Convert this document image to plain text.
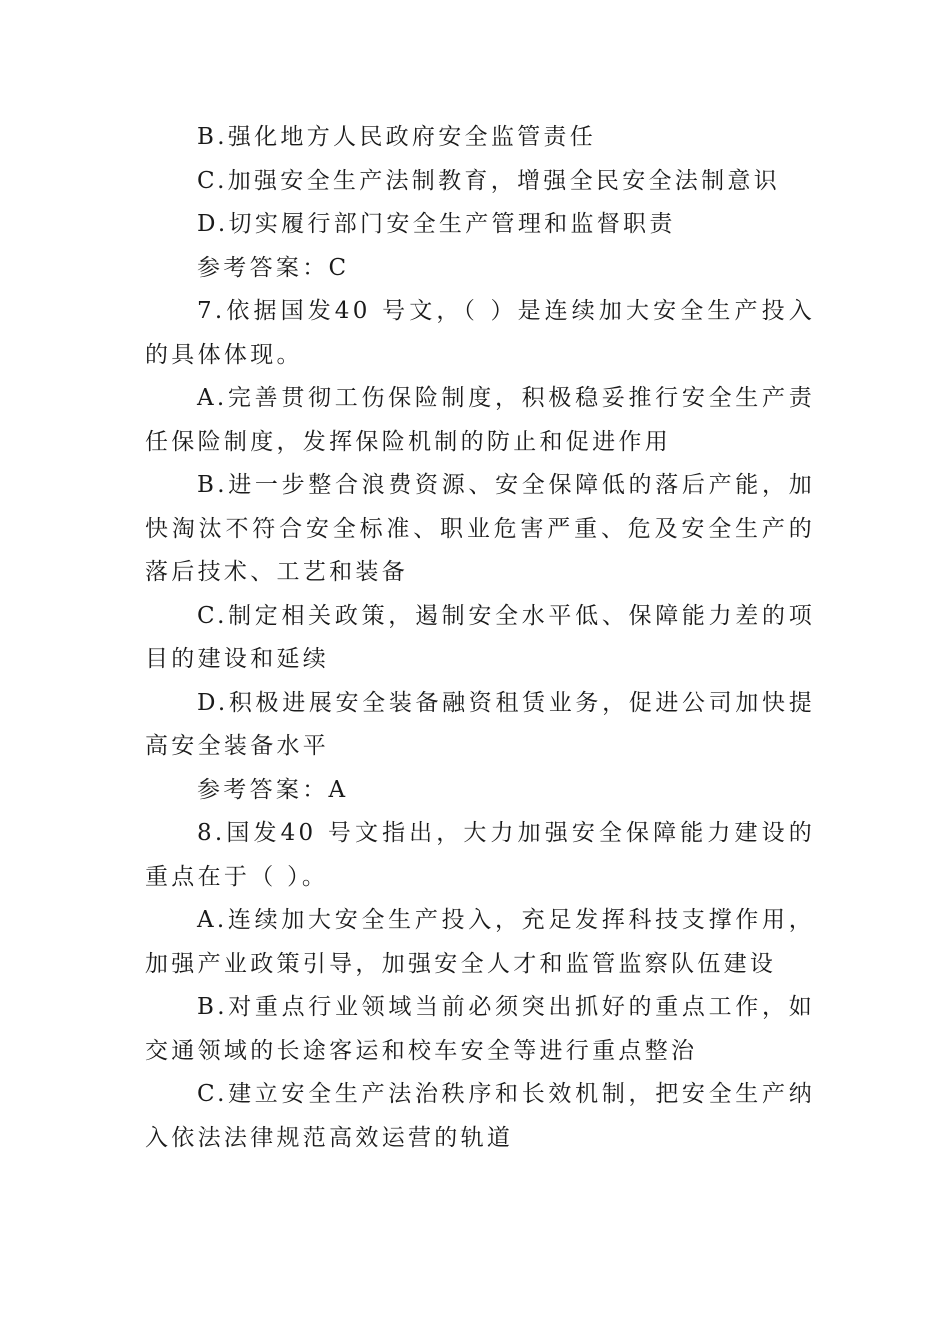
B.强化地方人民政府安全监管责任

C.加强安全生产法制教育，增强全民安全法制意识

D.切实履行部门安全生产管理和监督职责

参考答案：C

7.依据国发40 号文，（ ）是连续加大安全生产投入的具体体现。

A.完善贯彻工伤保险制度，积极稳妥推行安全生产责任保险制度，发挥保险机制的防止和促进作用

B.进一步整合浪费资源、安全保障低的落后产能，加快淘汰不符合安全标准、职业危害严重、危及安全生产的落后技术、工艺和装备

C.制定相关政策，遏制安全水平低、保障能力差的项目的建设和延续

D.积极进展安全装备融资租赁业务，促进公司加快提高安全装备水平

参考答案：A

8.国发40 号文指出，大力加强安全保障能力建设的重点在于（ ）。

A.连续加大安全生产投入，充足发挥科技支撑作用，加强产业政策引导，加强安全人才和监管监察队伍建设

B.对重点行业领域当前必须突出抓好的重点工作，如交通领域的长途客运和校车安全等进行重点整治

C.建立安全生产法治秩序和长效机制，把安全生产纳入依法法律规范高效运营的轨道
